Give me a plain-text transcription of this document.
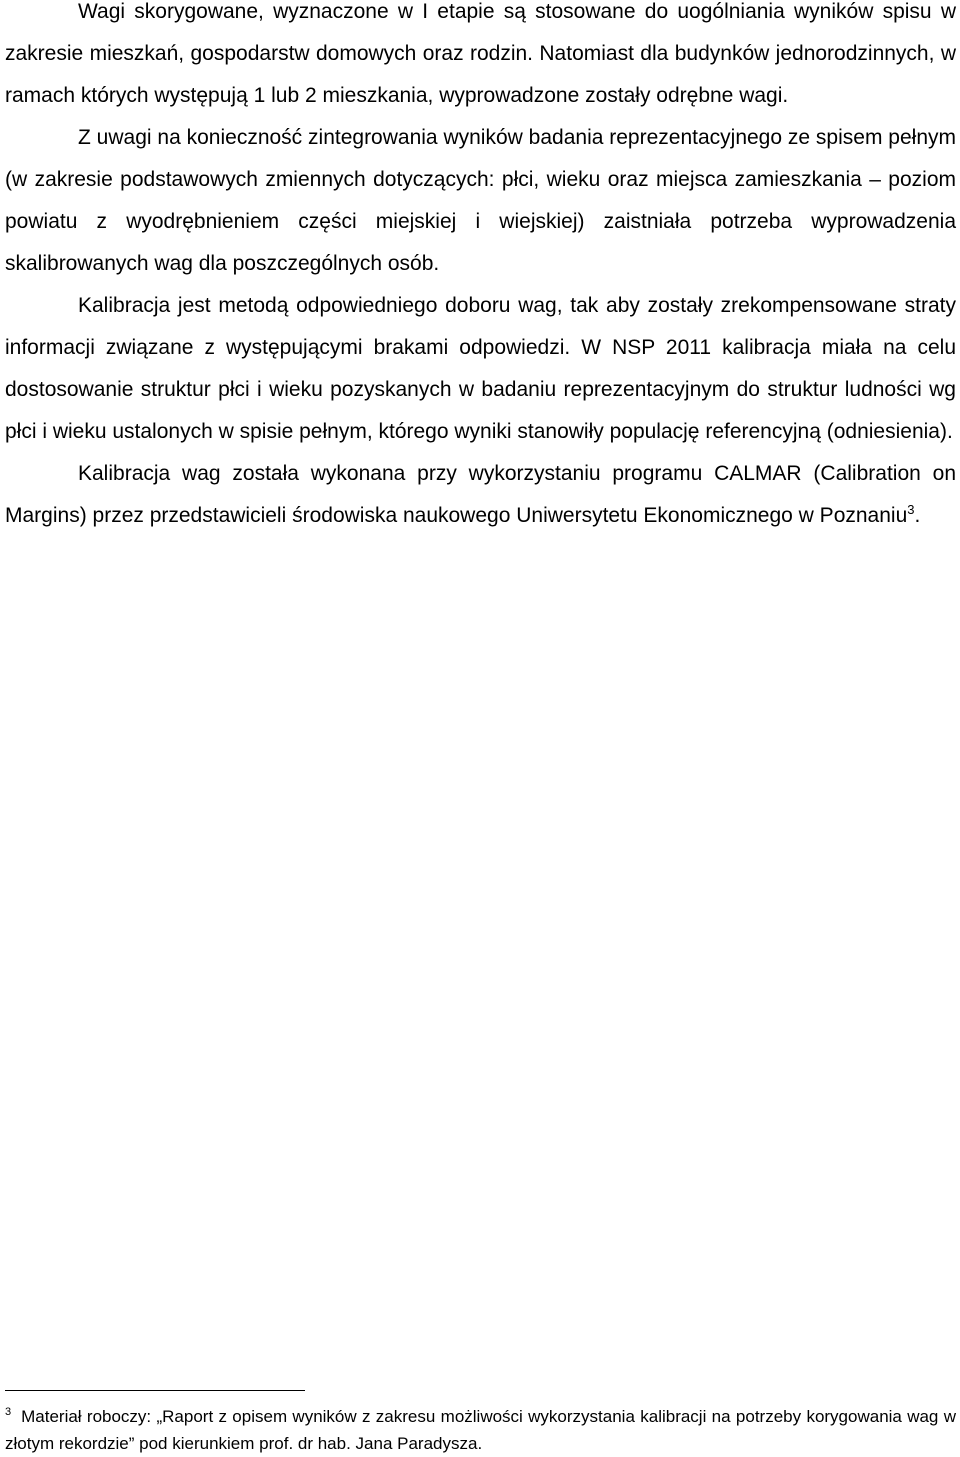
Wagi skorygowane, wyznaczone w I etapie są stosowane do uogólniania wyników spisu w zakresie mieszkań, gospodarstw domowych oraz rodzin. Natomiast dla budynków jednorodzinnych, w ramach których występują 1 lub 2 mieszkania, wyprowadzone zostały odrębne wagi.

Z uwagi na konieczność zintegrowania wyników badania reprezentacyjnego ze spisem pełnym (w zakresie podstawowych zmiennych dotyczących: płci, wieku oraz miejsca zamieszkania – poziom powiatu z wyodrębnieniem części miejskiej i wiejskiej) zaistniała potrzeba wyprowadzenia skalibrowanych wag dla poszczególnych osób.

Kalibracja jest metodą odpowiedniego doboru wag, tak aby zostały zrekompensowane straty informacji związane z występującymi brakami odpowiedzi. W NSP 2011 kalibracja miała na celu dostosowanie struktur płci i wieku pozyskanych w badaniu reprezentacyjnym do struktur ludności wg płci i wieku ustalonych w spisie pełnym, którego wyniki stanowiły populację referencyjną (odniesienia).

Kalibracja wag została wykonana przy wykorzystaniu programu CALMAR (Calibration on Margins) przez przedstawicieli środowiska naukowego Uniwersytetu Ekonomicznego w Poznaniu$^3$.

$^3$ Materiał roboczy: „Raport z opisem wyników z zakresu możliwości wykorzystania kalibracji na potrzeby korygowania wag w złotym rekordzie” pod kierunkiem prof. dr hab. Jana Paradysza.
